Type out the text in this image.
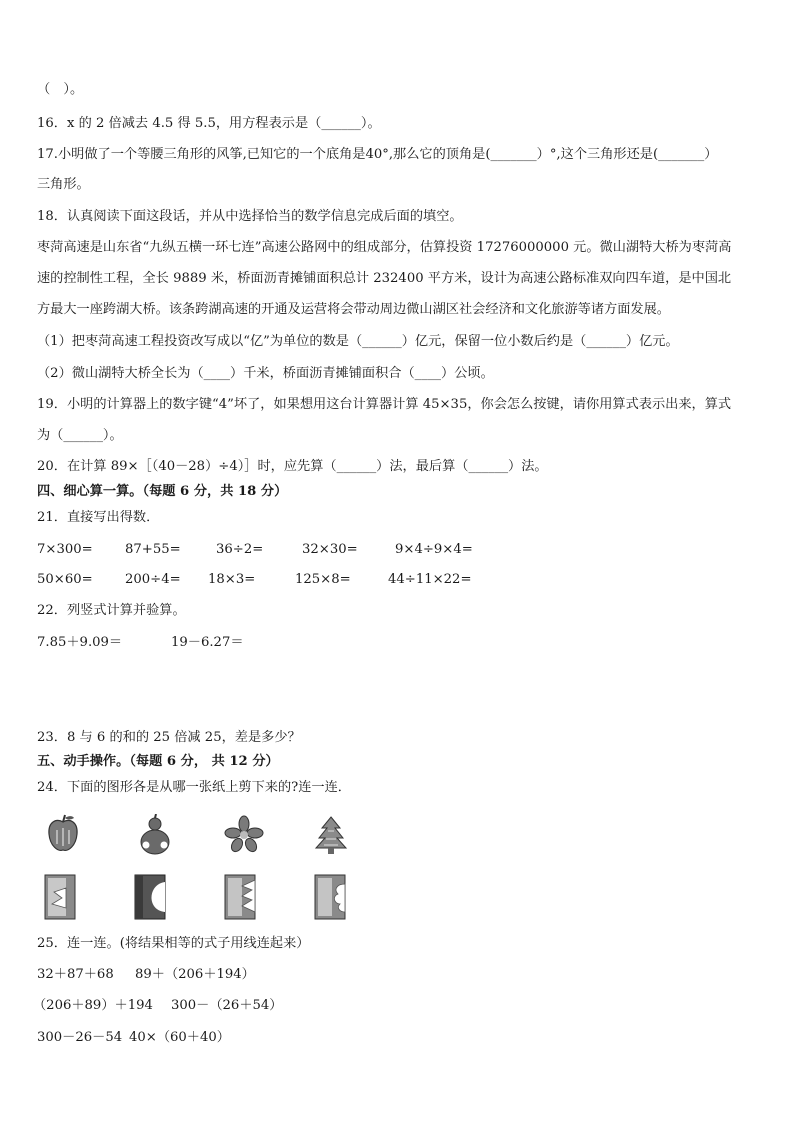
（　）。
16．x 的 2 倍减去 4.5 得 5.5，用方程表示是（______）。
17.小明做了一个等腰三角形的风筝,已知它的一个底角是40°,那么它的顶角是(_______）°,这个三角形还是(_______）
三角形。
18．认真阅读下面这段话，并从中选择恰当的数学信息完成后面的填空。
枣菏高速是山东省“九纵五横一环七连”高速公路网中的组成部分，估算投资 17276000000 元。微山湖特大桥为枣菏高
速的控制性工程，全长 9889 米，桥面沥青摊铺面积总计 232400 平方米，设计为高速公路标准双向四车道，是中国北
方最大一座跨湖大桥。该条跨湖高速的开通及运营将会带动周边微山湖区社会经济和文化旅游等诸方面发展。
（1）把枣菏高速工程投资改写成以“亿”为单位的数是（______）亿元，保留一位小数后约是（______）亿元。
（2）微山湖特大桥全长为（____）千米，桥面沥青摊铺面积合（____）公顷。
19．小明的计算器上的数字键“4”坏了，如果想用这台计算器计算 45×35，你会怎么按键，请你用算式表示出来，算式
为（______）。
20．在计算 89×［（40－28）÷4）］时，应先算（______）法，最后算（______）法。
四、细心算一算。（每题 6 分，共 18 分）
21．直接写出得数．
7×300= 87+55=	36÷2=	32×30=	9×4÷9×4=
50×60= 200÷4= 18×3=	125×8=	44÷11×22=
22．列竖式计算并验算。
7.85＋9.09＝	19－6.27＝
23．8 与 6 的和的 25 倍减 25，差是多少？
五、动手操作。（每题 6 分， 共 12 分）
24．下面的图形各是从哪一张纸上剪下来的?连一连．
25．连一连。(将结果相等的式子用线连起来）
32＋87＋68 89＋（206＋194）
（206＋89）＋194 300－（26＋54）
300－26－54 40×（60＋40）
